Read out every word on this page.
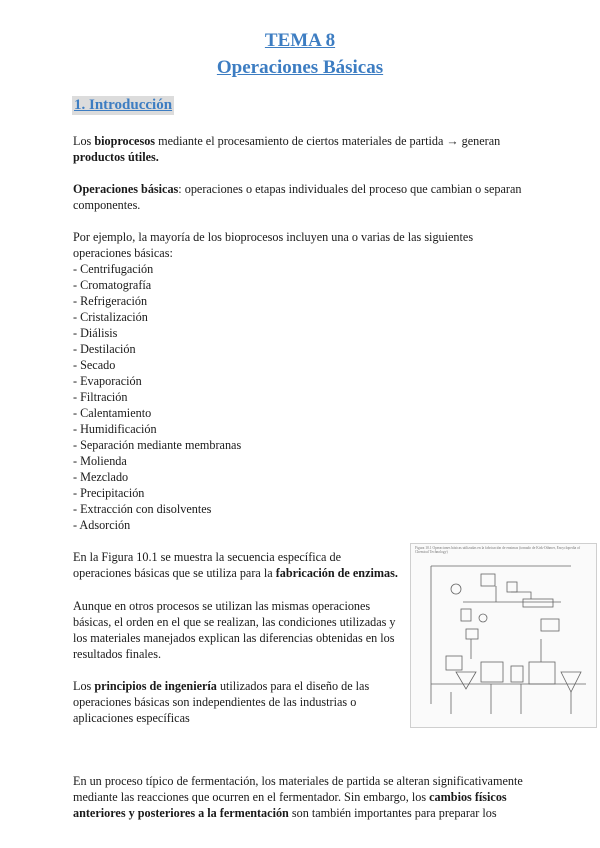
TEMA 8
Operaciones Básicas
1. Introducción
Los bioprocesos mediante el procesamiento de ciertos materiales de partida → generan
productos útiles.
Operaciones básicas: operaciones o etapas individuales del proceso que cambian o separan
componentes.
Por ejemplo, la mayoría de los bioprocesos incluyen una o varias de las siguientes
operaciones básicas:
- Centrifugación
- Cromatografía
- Refrigeración
- Cristalización
- Diálisis
- Destilación
- Secado
- Evaporación
- Filtración
- Calentamiento
- Humidificación
- Separación mediante membranas
- Molienda
- Mezclado
- Precipitación
- Extracción con disolventes
- Adsorción
En la Figura 10.1 se muestra la secuencia específica de
operaciones básicas que se utiliza para la fabricación de enzimas.
Aunque en otros procesos se utilizan las mismas operaciones
básicas, el orden en el que se realizan, las condiciones utilizadas y
los materiales manejados explican las diferencias obtenidas en los
resultados finales.
Los principios de ingeniería utilizados para el diseño de las
operaciones básicas son independientes de las industrias o
aplicaciones específicas
Figura 10.1 Operaciones básicas utilizadas en la fabricación de enzimas (tomado de Kirk-Othmer, Encyclopedia of Chemical Technology)
En un proceso típico de fermentación, los materiales de partida se alteran significativamente
mediante las reacciones que ocurren en el fermentador. Sin embargo, los cambios físicos
anteriores y posteriores a la fermentación son también importantes para preparar los
